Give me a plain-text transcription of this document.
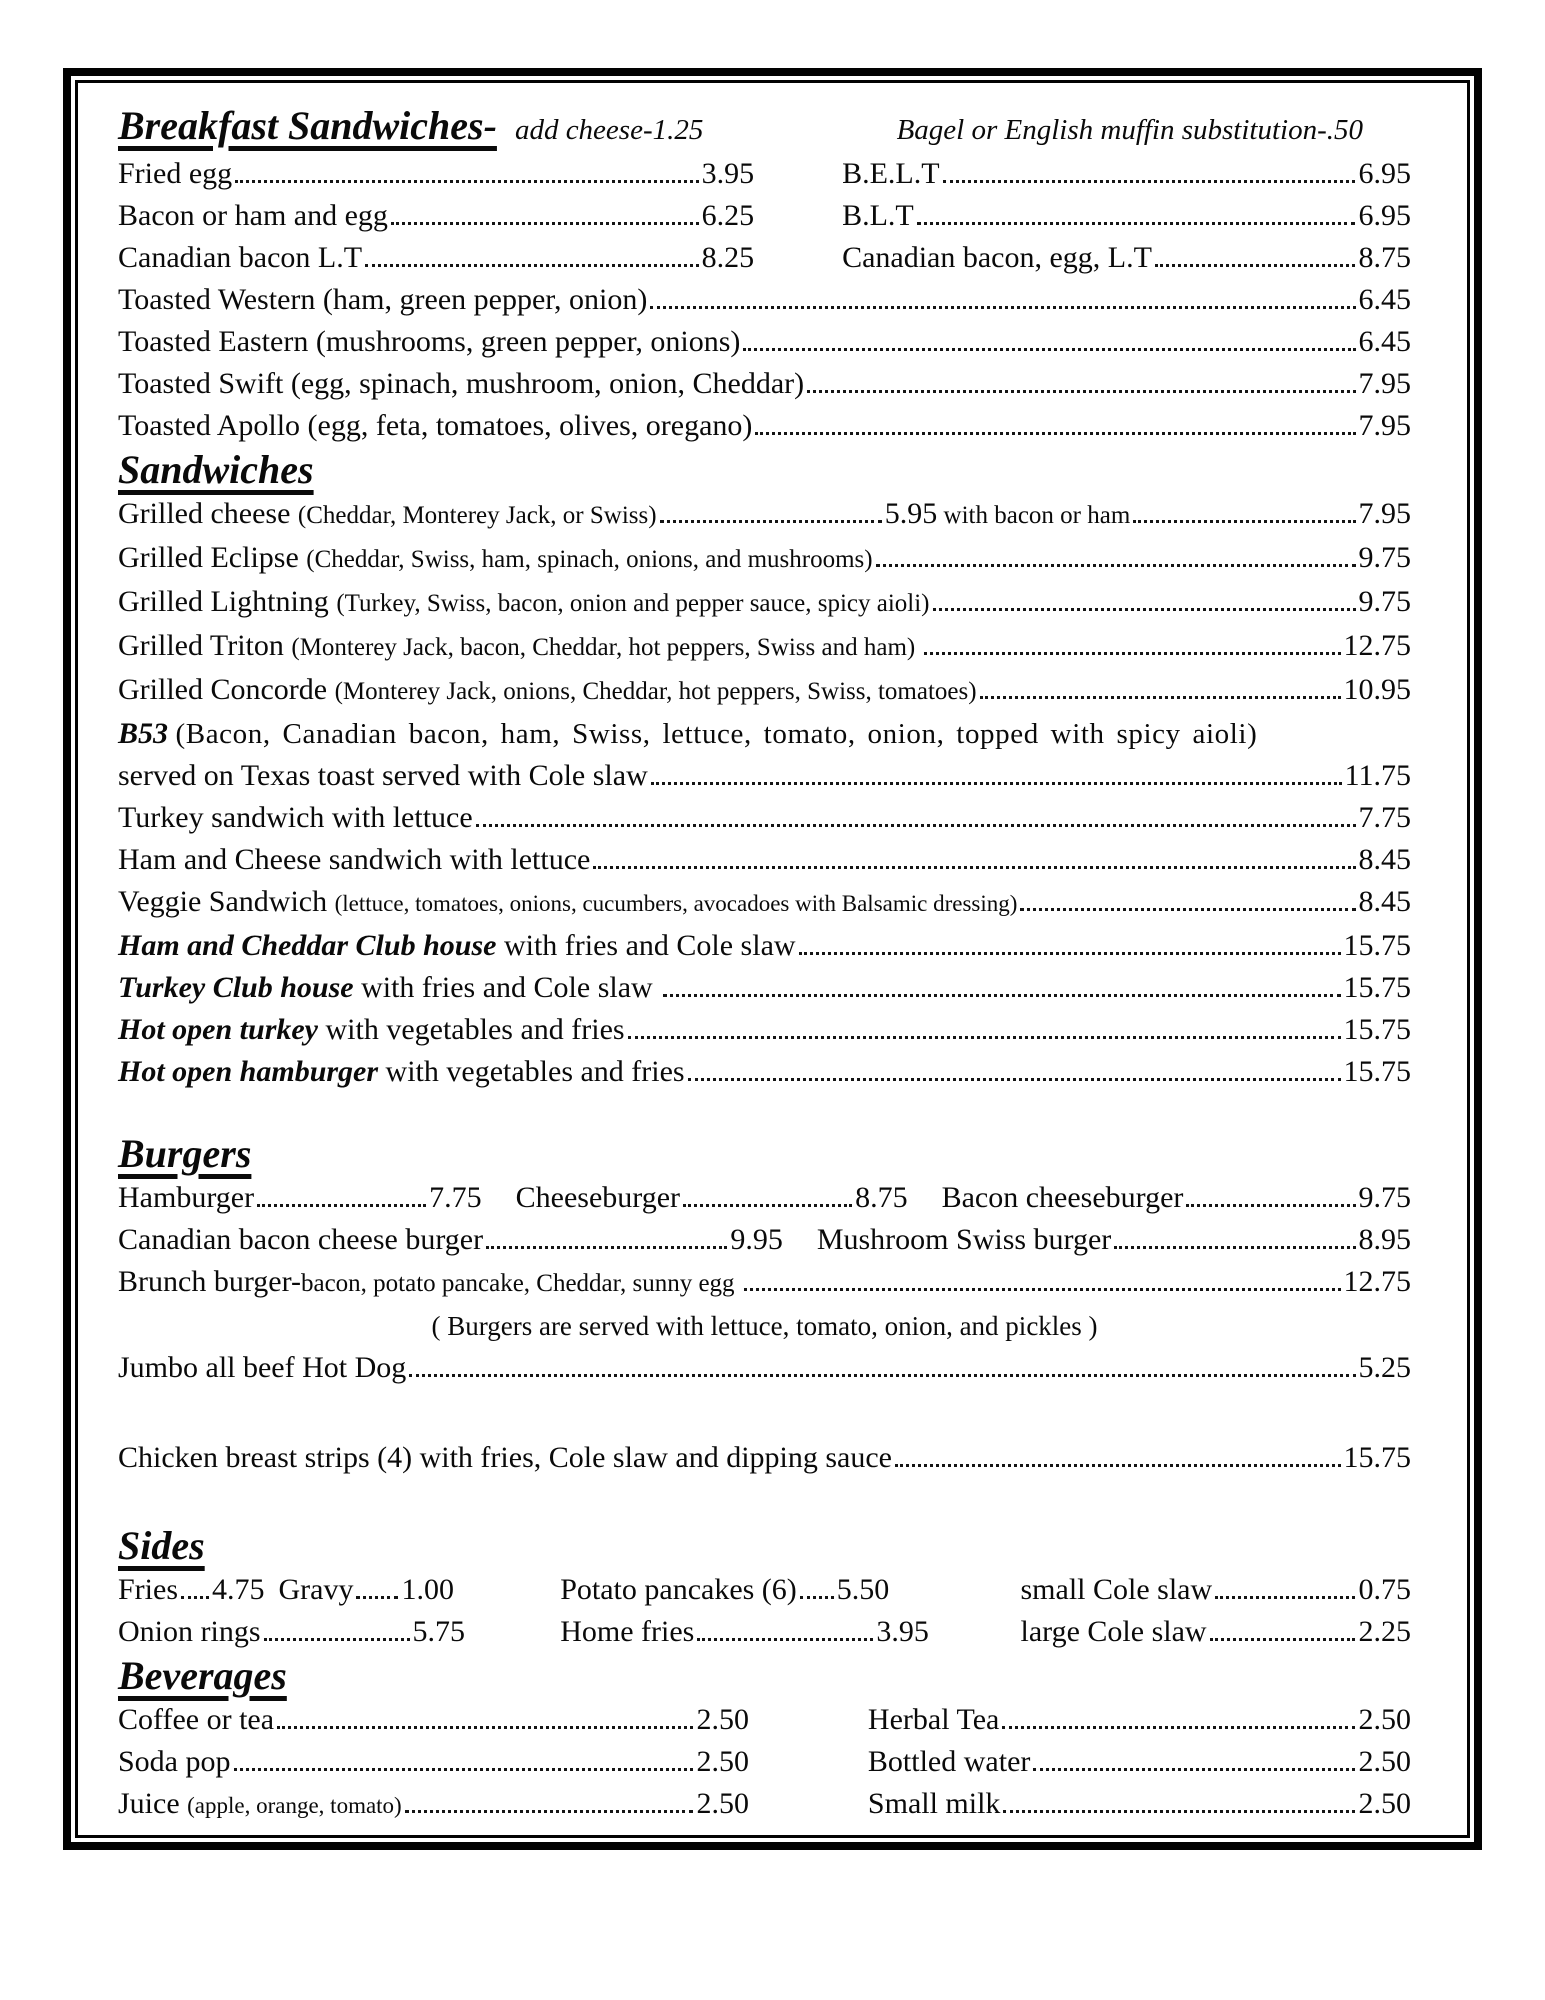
Breakfast Sandwiches- add cheese-1.25	Bagel or English muffin substitution-.50
Fried egg	3.95	B.E.L.T	6.95
Bacon or ham and egg	6.25	B.L.T	6.95
Canadian bacon L.T	8.25	Canadian bacon, egg, L.T	8.75
Toasted Western (ham, green pepper, onion)	6.45
Toasted Eastern (mushrooms, green pepper, onions)	6.45
Toasted Swift (egg, spinach, mushroom, onion, Cheddar)	7.95
Toasted Apollo (egg, feta, tomatoes, olives, oregano)	7.95
Sandwiches
Grilled cheese (Cheddar, Monterey Jack, or Swiss)	5.95 with bacon or ham	7.95
Grilled Eclipse (Cheddar, Swiss, ham, spinach, onions, and mushrooms)	9.75
Grilled Lightning (Turkey, Swiss, bacon, onion and pepper sauce, spicy aioli)	9.75
Grilled Triton (Monterey Jack, bacon, Cheddar, hot peppers, Swiss and ham)	12.75
Grilled Concorde (Monterey Jack, onions, Cheddar, hot peppers, Swiss, tomatoes)	10.95
B53 (Bacon, Canadian bacon, ham, Swiss, lettuce, tomato, onion, topped with spicy aioli)
served on Texas toast served with Cole slaw	11.75
Turkey sandwich with lettuce	7.75
Ham and Cheese sandwich with lettuce	8.45
Veggie Sandwich (lettuce, tomatoes, onions, cucumbers, avocadoes with Balsamic dressing)	8.45
Ham and Cheddar Club house with fries and Cole slaw	15.75
Turkey Club house with fries and Cole slaw	15.75
Hot open turkey with vegetables and fries	15.75
Hot open hamburger with vegetables and fries	15.75
Burgers
Hamburger	7.75 Cheeseburger	8.75 Bacon cheeseburger	9.75
Canadian bacon cheese burger	9.95 Mushroom Swiss burger	8.95
Brunch burger- bacon, potato pancake, Cheddar, sunny egg	12.75
( Burgers are served with lettuce, tomato, onion, and pickles )
Jumbo all beef Hot Dog	5.25
Chicken breast strips (4) with fries, Cole slaw and dipping sauce	15.75
Sides
Fries 4.75 Gravy 1.00	Potato pancakes (6) 5.50	small Cole slaw	0.75
Onion rings	5.75	Home fries	3.95	large Cole slaw	2.25
Beverages
Coffee or tea	2.50	Herbal Tea	2.50
Soda pop	2.50	Bottled water	2.50
Juice (apple, orange, tomato)	2.50	Small milk	2.50
